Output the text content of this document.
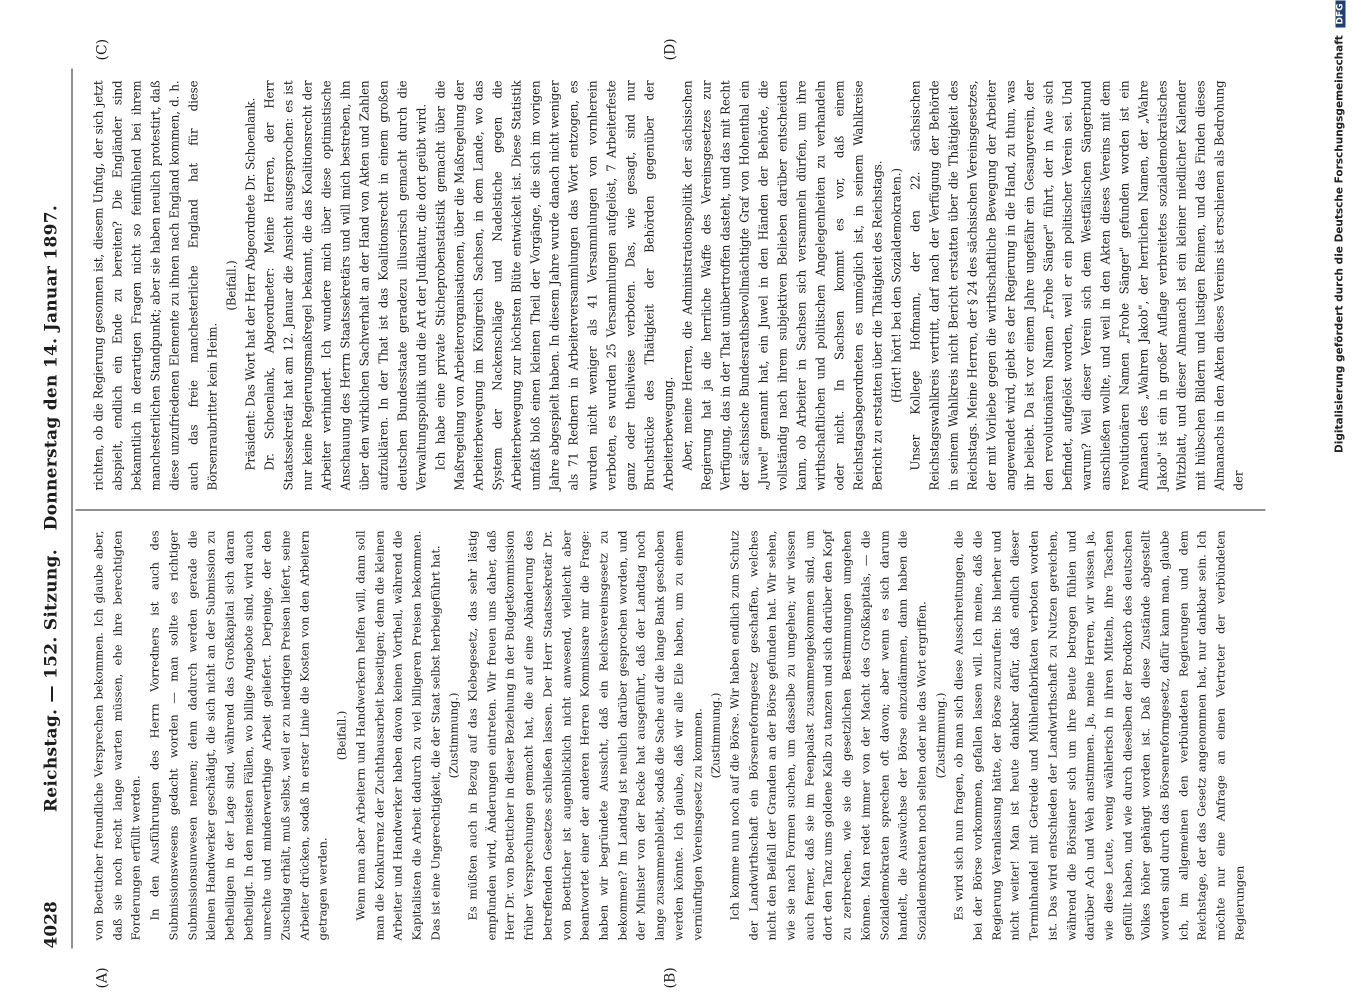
4028
Reichstag. — 152. Sitzung.   Donnerstag den 14. Januar 1897.
(A)	(B)
(C)	(D)

von Boetticher freundliche Versprechen bekommen. Ich glaube aber, daß sie noch recht lange warten müssen, ehe ihre berechtigten Forderungen erfüllt werden. In den Ausführungen des Herrn Vorredners ist auch des Submissionswesens gedacht worden — man sollte es richtiger Submissionsunwesen nennen; denn dadurch werden gerade die kleinen Handwerker geschädigt, die sich nicht an der Submission zu betheiligen in der Lage sind, während das Großkapital sich daran betheiligt. In den meisten Fällen, wo billige Angebote sind, wird auch unrechte und minderwerthige Arbeit geliefert. Derjenige, der den Zuschlag erhält, muß selbst, weil er zu niedrigen Preisen liefert, seine Arbeiter drücken, sodaß in erster Linie die Kosten von den Arbeitern getragen werden.

(Beifall.) Wenn man aber Arbeitern und Handwerkern helfen will, dann soll man die Konkurrenz der Zuchthausarbeit beseitigen; denn die kleinen Arbeiter und Handwerker haben davon keinen Vortheil, während die Kapitalisten die Arbeit dadurch zu viel billigeren Preisen bekommen. Das ist eine Ungerechtigkeit, die der Staat selbst herbeigeführt hat. (Zustimmung.) Es müßten auch in Bezug auf das Klebegesetz, das sehr lästig empfunden wird, Änderungen eintreten. Wir freuen uns daher, daß Herr Dr. von Boetticher in dieser Beziehung in der Budgetkommission früher Versprechungen gemacht hat, die auf eine Abänderung des betreffenden Gesetzes schließen lassen. Der Herr Staatssekretär Dr. von Boetticher ist augenblicklich nicht anwesend, vielleicht aber beantwortet einer der anderen Herren Kommissare mir die Frage: haben wir begründete Aussicht, daß ein Reichsvereinsgesetz zu bekommen? Im Landtag ist neulich darüber gesprochen worden, und der Minister von der Recke hat ausgeführt, daß der Landtag noch lange zusammenbleibt, sodaß die Sache auf die lange Bank geschoben werden könnte. Ich glaube, daß wir alle Eile haben, um zu einem vernünftigen Vereinsgesetz zu kommen. (Zustimmung.) Ich komme nun noch auf die Börse. Wir haben endlich zum Schutz der Landwirthschaft ein Börsenreformgesetz geschaffen, welches nicht den Beifall der Granden an der Börse gefunden hat. Wir sehen, wie sie nach Formen suchen, um dasselbe zu umgehen; wir wissen auch ferner, daß sie im Feenpalast zusammengekommen sind, um dort den Tanz ums goldene Kalb zu tanzen und sich darüber den Kopf zu zerbrechen, wie sie die gesetzlichen Bestimmungen umgehen können. Man redet immer von der Macht des Großkapitals, — die Sozialdemokraten sprechen oft davon; aber wenn es sich darum handelt, die Auswüchse der Börse einzudämmen, dann haben die Sozialdemokraten noch selten oder nie das Wort ergriffen. (Zustimmung.) Es wird sich nun fragen, ob man sich diese Ausschreitungen, die bei der Börse vorkommen, gefallen lassen will. Ich meine, daß die Regierung Veranlassung hätte, der Börse zuzurufen: bis hierher und nicht weiter! Man ist heute dankbar dafür, daß endlich dieser Terminhandel mit Getreide und Mühlenfabrikaten verboten worden ist. Das wird entschieden der Landwirthschaft zu Nutzen gereichen, während die Börsianer sich um ihre Beute betrogen fühlen und darüber Ach und Weh anstimmen. Ja, meine Herren, wir wissen ja, wie diese Leute, wenig wählerisch in ihren Mitteln, ihre Taschen gefüllt haben, und wie durch dieselben der Brodkorb des deutschen Volkes höher gehängt worden ist. Daß diese Zustände abgestellt worden sind durch das Börsenreformgesetz, dafür kann man, glaube ich, im allgemeinen den verbündeten Regierungen und dem Reichstage, der das Gesetz angenommen hat, nur dankbar sein. Ich möchte nur eine Anfrage an einen Vertreter der verbündeten Regierungen

richten, ob die Regierung gesonnen ist, diesem Unfug, der sich jetzt abspielt, endlich ein Ende zu bereiten? Die Engländer sind bekanntlich in derartigen Fragen nicht so feinfühlend bei ihrem manchesterlichen Standpunkt; aber sie haben neulich protestirt, daß diese unzufriedenen Elemente zu ihnen nach England kommen, d. h. auch das freie manchesterliche England hat für diese Börsenraubritter kein Heim.

(Beifall.) Präsident: Das Wort hat der Herr Abgeordnete Dr. Schoenlank. Dr. Schoenlank, Abgeordneter: Meine Herren, der Herr Staatssekretär hat am 12. Januar die Ansicht ausgesprochen: es ist nur keine Regierungsmaßregel bekannt, die das Koalitionsrecht der Arbeiter verhindert. Ich wundere mich über diese optimistische Anschauung des Herrn Staatssekretärs und will mich bestreben, ihn über den wirklichen Sachverhalt an der Hand von Akten und Zahlen aufzuklären. In der That ist das Koalitionsrecht in einem großen deutschen Bundesstaate geradezu illusorisch gemacht durch die Verwaltungspolitik und die Art der Judikatur, die dort geübt wird. Ich habe eine private Sticheprobenstatistik gemacht über die Maßregelung von Arbeiterorganisationen, über die Maßregelung der Arbeiterbewegung im Königreich Sachsen, in dem Lande, wo das System der Nackenschläge und Nadelstiche gegen die Arbeiterbewegung zur höchsten Blüte entwickelt ist. Diese Statistik umfaßt bloß einen kleinen Theil der Vorgänge, die sich im vorigen Jahre abgespielt haben. In diesem Jahre wurde danach nicht weniger als 71 Rednern in Arbeiterversammlungen das Wort entzogen, es wurden nicht weniger als 41 Versammlungen von vornherein verboten, es wurden 25 Versammlungen aufgelöst, 7 Arbeiterfeste ganz oder theilweise verboten. Das, wie gesagt, sind nur Bruchstücke des Thätigkeit der Behörden gegenüber der Arbeiterbewegung. Aber, meine Herren, die Administrationspolitik der sächsischen Regierung hat ja die herrliche Waffe des Vereinsgesetzes zur Verfügung, das in der That unübertroffen dasteht, und das mit Recht der sächsische Bundesrathsbevollmächtigte Graf von Hohenthal ein „Juwel" genannt hat, ein Juwel in den Händen der Behörde, die vollständig nach ihrem subjektiven Belieben darüber entscheiden kann, ob Arbeiter in Sachsen sich versammeln dürfen, um ihre wirthschaftlichen und politischen Angelegenheiten zu verhandeln oder nicht. In Sachsen kommt es vor, daß einem Reichstagsabgeordneten es unmöglich ist, in seinem Wahlkreise Bericht zu erstatten über die Thätigkeit des Reichstags. (Hört! hört! bei den Sozialdemokraten.) Unser Kollege Hofmann, der den 22. sächsischen Reichstagswahlkreis vertritt, darf nach der Verfügung der Behörde in seinem Wahlkreis nicht Bericht erstatten über die Thätigkeit des Reichstags. Meine Herren, der § 24 des sächsischen Vereinsgesetzes, der mit Vorliebe gegen die wirthschaftliche Bewegung der Arbeiter angewendet wird, giebt es der Regierung in die Hand, zu thun, was ihr beliebt. Da ist vor einem Jahre ungefähr ein Gesangverein, der den revolutionären Namen „Frohe Sänger" führt, der in Aue sich befindet, aufgelöst worden, weil er ein politischer Verein sei. Und warum? Weil dieser Verein sich dem Westfälischen Sängerbund anschließen wollte, und weil in den Akten dieses Vereins mit dem revolutionären Namen „Frohe Sänger" gefunden worden ist ein Almanach des „Wahren Jakob", der herrlichen Namen, der „Wahre Jakob" ist ein in großer Auflage verbreitetes sozialdemokratisches Witzblatt, und dieser Almanach ist ein kleiner niedlicher Kalender mit hübschen Bildern und lustigen Reimen, und das Finden dieses Almanachs in den Akten dieses Vereins ist erschienen als Bedrohung der

Digitalisierung gefördert durch die Deutsche Forschungsgemeinschaft DFG
